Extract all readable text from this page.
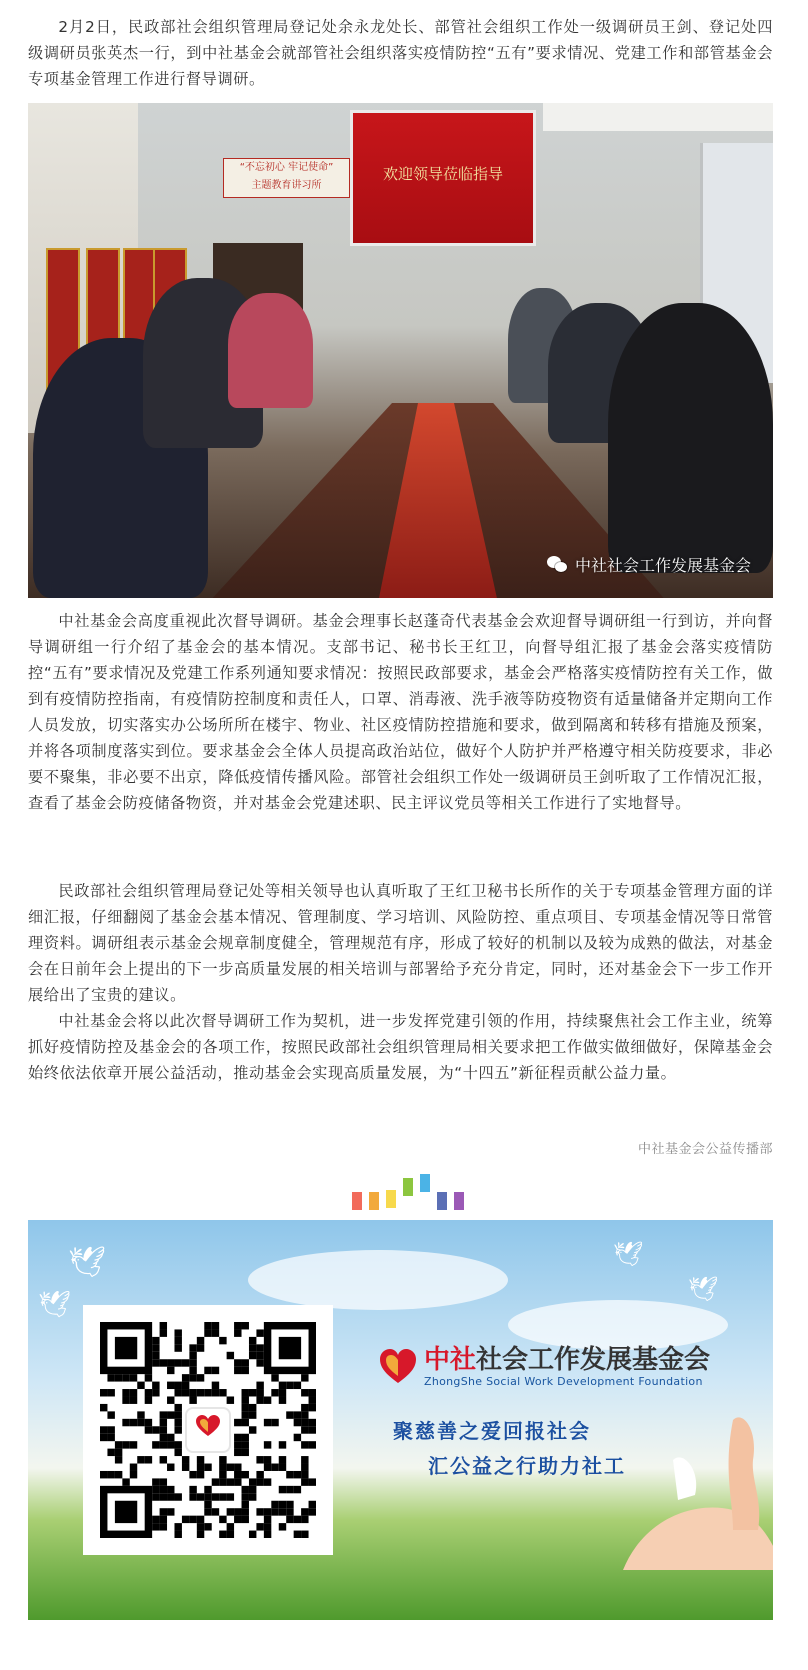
2月2日，民政部社会组织管理局登记处余永龙处长、部管社会组织工作处一级调研员王剑、登记处四级调研员张英杰一行，到中社基金会就部管社会组织落实疫情防控“五有”要求情况、党建工作和部管基金会专项基金管理工作进行督导调研。

“不忘初心 牢记使命”
主题教育讲习所
欢迎领导莅临指导
中社社会工作发展基金会

中社基金会高度重视此次督导调研。基金会理事长赵蓬奇代表基金会欢迎督导调研组一行到访，并向督导调研组一行介绍了基金会的基本情况。支部书记、秘书长王红卫，向督导组汇报了基金会落实疫情防控“五有”要求情况及党建工作系列通知要求情况：按照民政部要求，基金会严格落实疫情防控有关工作，做到有疫情防控指南，有疫情防控制度和责任人，口罩、消毒液、洗手液等防疫物资有适量储备并定期向工作人员发放，切实落实办公场所所在楼宇、物业、社区疫情防控措施和要求，做到隔离和转移有措施及预案，并将各项制度落实到位。要求基金会全体人员提高政治站位，做好个人防护并严格遵守相关防疫要求，非必要不聚集，非必要不出京，降低疫情传播风险。部管社会组织工作处一级调研员王剑听取了工作情况汇报，查看了基金会防疫储备物资，并对基金会党建述职、民主评议党员等相关工作进行了实地督导。

民政部社会组织管理局登记处等相关领导也认真听取了王红卫秘书长所作的关于专项基金管理方面的详细汇报，仔细翻阅了基金会基本情况、管理制度、学习培训、风险防控、重点项目、专项基金情况等日常管理资料。调研组表示基金会规章制度健全，管理规范有序，形成了较好的机制以及较为成熟的做法，对基金会在日前年会上提出的下一步高质量发展的相关培训与部署给予充分肯定，同时，还对基金会下一步工作开展给出了宝贵的建议。

中社基金会将以此次督导调研工作为契机，进一步发挥党建引领的作用，持续聚焦社会工作主业，统筹抓好疫情防控及基金会的各项工作，按照民政部社会组织管理局相关要求把工作做实做细做好，保障基金会始终依法依章开展公益活动，推动基金会实现高质量发展，为“十四五”新征程贡献公益力量。

中社基金会公益传播部
🕊
🕊
🕊
🕊
中社社会工作发展基金会
ZhongShe Social Work Development Foundation
聚慈善之爱回报社会
汇公益之行助力社工
